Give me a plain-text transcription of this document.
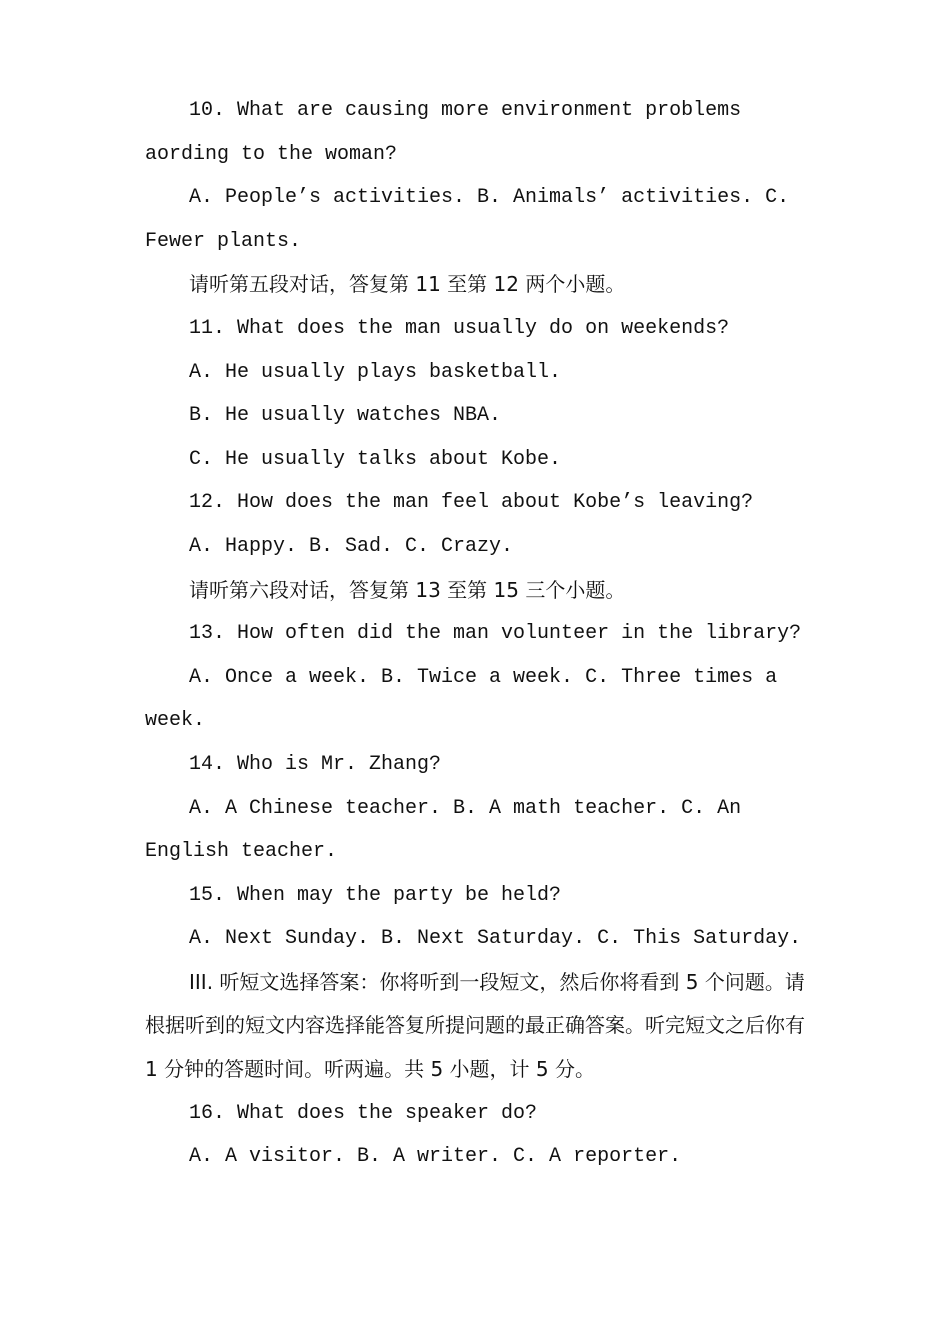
10. What are causing more environment problems aording to the woman?

A. People’s activities. B. Animals’ activities. C. Fewer plants.

请听第五段对话，答复第 11 至第 12 两个小题。

11. What does the man usually do on weekends?

A. He usually plays basketball.

B. He usually watches NBA.

C. He usually talks about Kobe.

12. How does the man feel about Kobe’s leaving?

A. Happy. B. Sad. C. Crazy.

请听第六段对话，答复第 13 至第 15 三个小题。

13. How often did the man volunteer in the library?

A. Once a week. B. Twice a week. C. Three times a week.

14. Who is Mr. Zhang?

A. A Chinese teacher. B. A math teacher. C. An English teacher.

15. When may the party be held?

A. Next Sunday. B. Next Saturday. C. This Saturday.

III. 听短文选择答案：你将听到一段短文，然后你将看到 5 个问题。请根据听到的短文内容选择能答复所提问题的最正确答案。听完短文之后你有 1 分钟的答题时间。听两遍。共 5 小题，计 5 分。

16. What does the speaker do?

A. A visitor. B. A writer. C. A reporter.
